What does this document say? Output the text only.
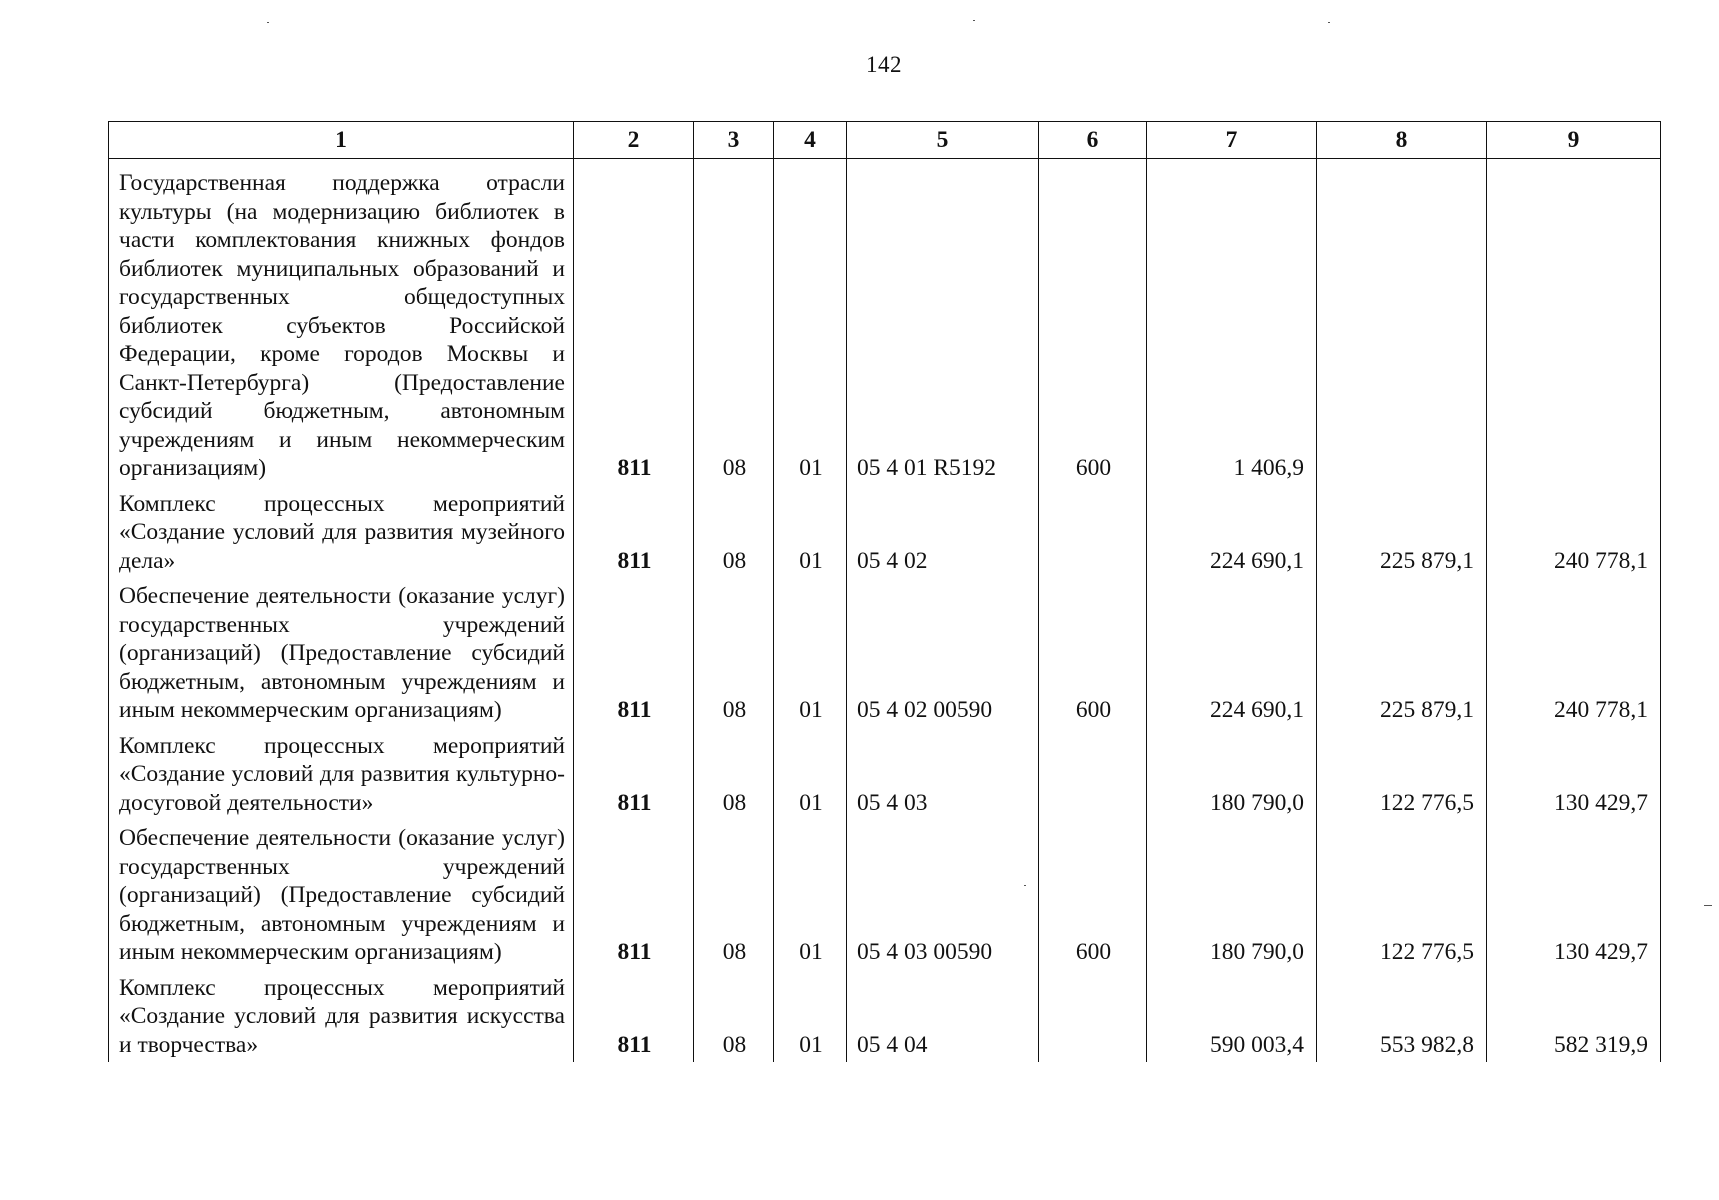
142
1	2	3	4	5	6	7	8	9
Государственная поддержка отрасли культуры (на модернизацию библиотек в части комплектования книжных фондов библиотек муниципальных образований и государственных общедоступных библиотек субъектов Российской Федерации, кроме городов Москвы и Санкт-Петербурга) (Предоставление субсидий бюджетным, автономным учреждениям и иным некоммерческим организациям)	811	08	01	05 4 01 R5192	600	1 406,9		
Комплекс процессных мероприятий «Создание условий для развития музейного дела»	811	08	01	05 4 02		224 690,1	225 879,1	240 778,1
Обеспечение деятельности (оказание услуг) государственных учреждений (организаций) (Предоставление субсидий бюджетным, автономным учреждениям и иным некоммерческим организациям)	811	08	01	05 4 02 00590	600	224 690,1	225 879,1	240 778,1
Комплекс процессных мероприятий «Создание условий для развития культурно-досуговой деятельности»	811	08	01	05 4 03		180 790,0	122 776,5	130 429,7
Обеспечение деятельности (оказание услуг) государственных учреждений (организаций) (Предоставление субсидий бюджетным, автономным учреждениям и иным некоммерческим организациям)	811	08	01	05 4 03 00590	600	180 790,0	122 776,5	130 429,7
Комплекс процессных мероприятий «Создание условий для развития искусства и творчества»	811	08	01	05 4 04		590 003,4	553 982,8	582 319,9
